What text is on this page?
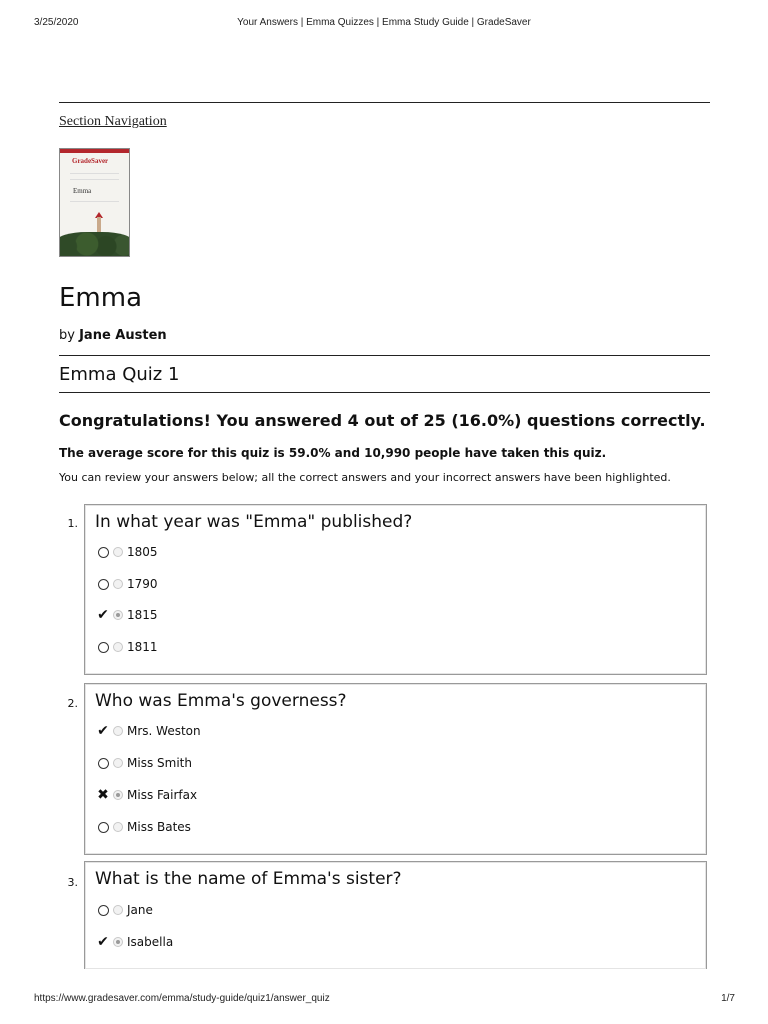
3/25/2020	Your Answers | Emma Quizzes | Emma Study Guide | GradeSaver
Section Navigation
GradeSaver
Emma
Emma
by Jane Austen
Emma Quiz 1
Congratulations! You answered 4 out of 25 (16.0%) questions correctly.
The average score for this quiz is 59.0% and 10,990 people have taken this quiz.
You can review your answers below; all the correct answers and your incorrect answers have been highlighted.
1. In what year was "Emma" published?
1805
1790
✔ 1815
1811
2. Who was Emma's governess?
✔ Mrs. Weston
Miss Smith
✖ Miss Fairfax
Miss Bates
3. What is the name of Emma's sister?
Jane
✔ Isabella
https://www.gradesaver.com/emma/study-guide/quiz1/answer_quiz	1/7
